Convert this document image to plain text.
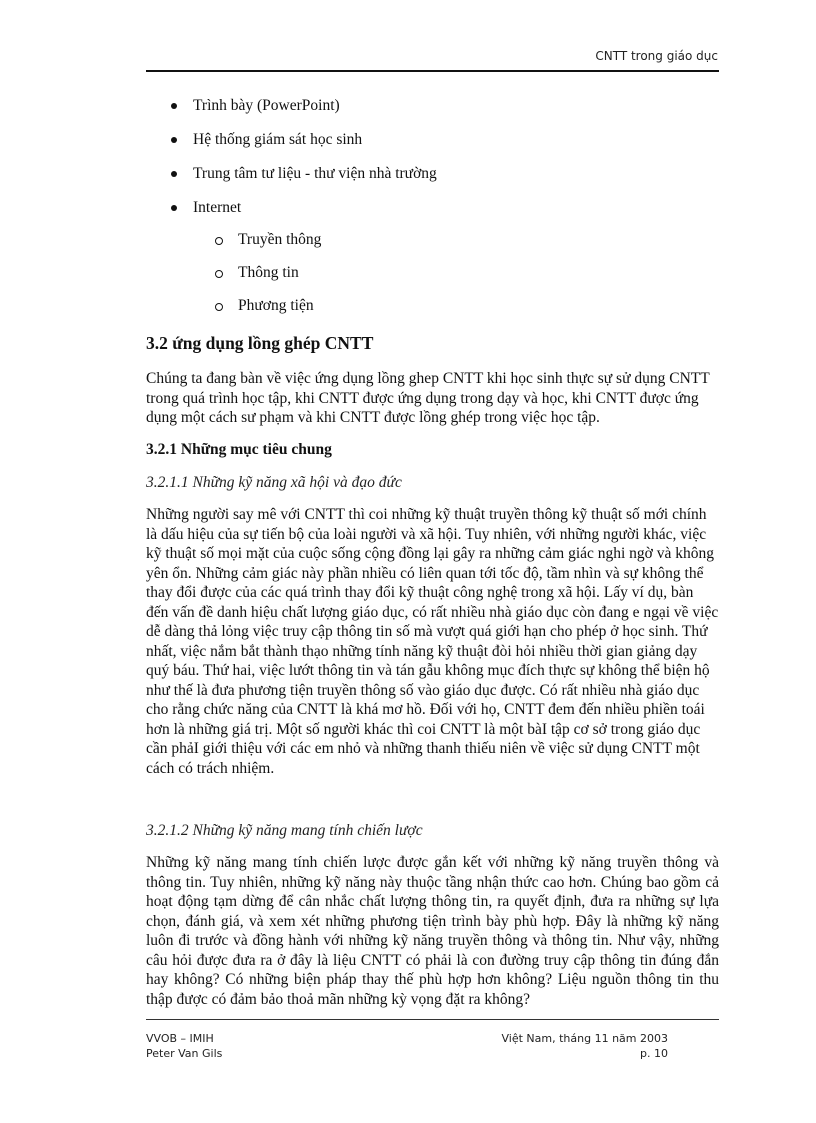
CNTT trong giáo dục
Trình bày (PowerPoint)
Hệ thống giám sát học sinh
Trung tâm tư liệu - thư viện nhà trường
Internet
Truyền thông
Thông tin
Phương tiện
3.2 ứng dụng lồng ghép CNTT
Chúng ta đang bàn về việc ứng dụng lồng ghep CNTT khi học sinh thực sự sử dụng CNTT trong quá trình học tập, khi CNTT được ứng dụng trong dạy và học, khi CNTT được ứng dụng một cách sư phạm và khi CNTT được lồng ghép trong việc học tập.
3.2.1 Những mục tiêu chung
3.2.1.1 Những kỹ năng xã hội và đạo đức
Những người say mê với CNTT thì coi những kỹ thuật truyền thông kỹ thuật số mới chính là dấu hiệu của sự tiến bộ của loài người và xã hội. Tuy nhiên, với những người khác, việc kỹ thuật số mọi mặt của cuộc sống cộng đồng lại gây ra những cảm giác nghi ngờ và không yên ổn. Những cảm giác này phần nhiều có liên quan tới tốc độ, tầm nhìn và sự không thể thay đổi được của các quá trình thay đổi kỹ thuật công nghệ trong xã hội. Lấy ví dụ, bàn đến vấn đề danh hiệu chất lượng giáo dục, có rất nhiều nhà giáo dục còn đang e ngại về việc dễ dàng thả lỏng việc truy cập thông tin số mà vượt quá giới hạn cho phép ở học sinh. Thứ nhất, việc nắm bắt thành thạo những tính năng kỹ thuật đòi hỏi nhiều thời gian giảng dạy quý báu. Thứ hai, việc lướt thông tin và tán gẫu không mục đích thực sự không thể biện hộ như thế là đưa phương tiện truyền thông số vào giáo dục được. Có rất nhiều nhà giáo dục cho rằng chức năng của CNTT là khá mơ hồ. Đối với họ, CNTT đem đến nhiều phiền toái hơn là những giá trị. Một số người khác thì coi CNTT là một bàI tập cơ sở trong giáo dục cần phảI giới thiệu với các em nhỏ và những thanh thiếu niên về việc sử dụng CNTT một cách có trách nhiệm.
3.2.1.2 Những kỹ năng mang tính chiến lược
Những kỹ năng mang tính chiến lược được gắn kết với những kỹ năng truyền thông và thông tin. Tuy nhiên, những kỹ năng này thuộc tầng nhận thức cao hơn. Chúng bao gồm cả hoạt động tạm dừng để cân nhắc chất lượng thông tin, ra quyết định, đưa ra những sự lựa chọn, đánh giá, và xem xét những phương tiện trình bày phù hợp. Đây là những kỹ năng luôn đi trước và đồng hành với những kỹ năng truyền thông và thông tin. Như vậy, những câu hỏi được đưa ra ở đây là liệu CNTT có phải là con đường truy cập thông tin đúng đắn hay không? Có những biện pháp thay thế phù hợp hơn không? Liệu nguồn thông tin thu thập được có đảm bảo thoả mãn những kỳ vọng đặt ra không?
VVOB – IMIH
Peter Van Gils
Việt Nam, tháng 11 năm 2003
p. 10
